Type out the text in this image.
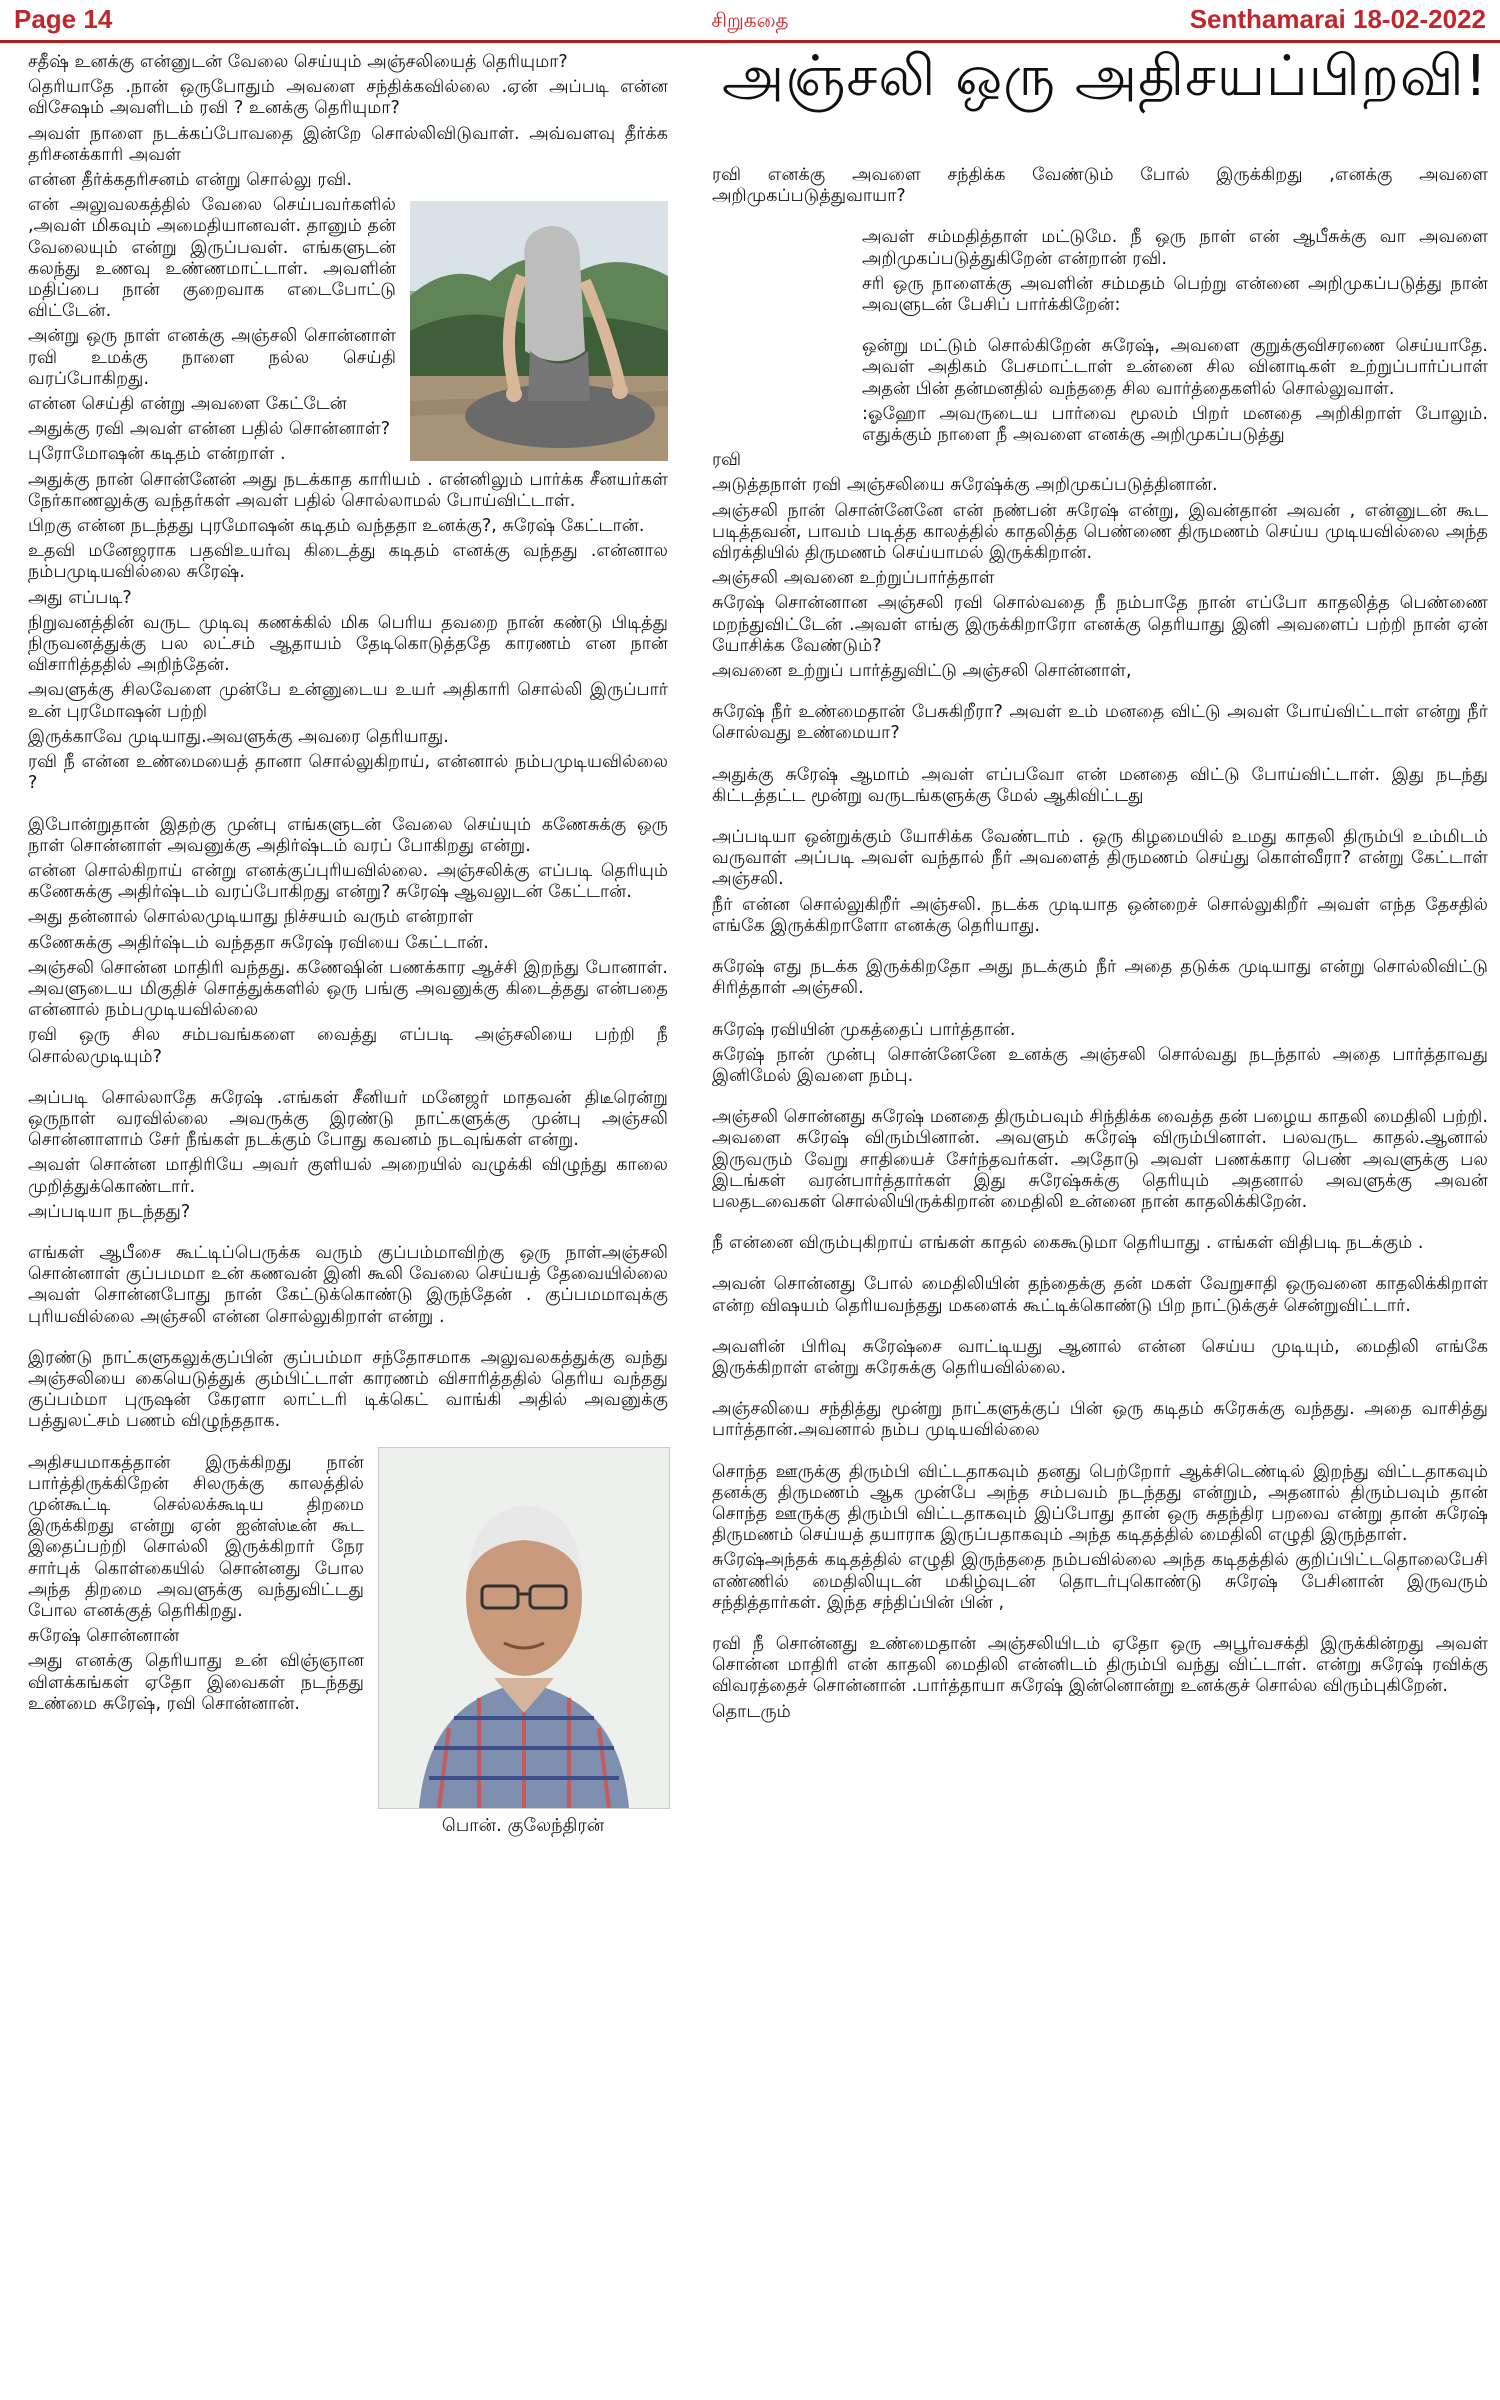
Page 14	சிறுகதை	Senthamarai 18-02-2022
அஞ்சலி ஒரு அதிசயப்பிறவி!

சதீஷ் உனக்கு என்னுடன் வேலை செய்யும் அஞ்சலியைத் தெரியுமா?

தெரியாதே .நான் ஒருபோதும் அவளை சந்திக்கவில்லை .ஏன் அப்படி என்ன விசேஷம் அவளிடம் ரவி ? உனக்கு தெரியுமா?

அவள் நாளை நடக்கப்போவதை இன்றே சொல்லிவிடுவாள். அவ்வளவு தீர்க்க தரிசனக்காரி அவள்

என்ன தீர்க்கதரிசனம் என்று சொல்லு ரவி.

என் அலுவலகத்தில் வேலை செய்பவர்களில் ,அவள் மிகவும் அமைதியானவள். தானும் தன் வேலையும் என்று இருப்பவள். எங்களுடன் கலந்து உணவு உண்ணமாட்டாள். அவளின் மதிப்பை நான் குறைவாக எடைபோட்டு விட்டேன்.

அன்று ஒரு நாள் எனக்கு அஞ்சலி சொன்னாள் ரவி உமக்கு நாளை நல்ல செய்தி வரப்போகிறது.

என்ன செய்தி என்று அவளை கேட்டேன்

அதுக்கு ரவி அவள் என்ன பதில் சொன்னாள்?

புரோமோஷன் கடிதம் என்றாள் .

அதுக்கு நான் சொன்னேன் அது நடக்காத காரியம் . என்னிலும் பார்க்க சீனயர்கள் நேர்காணலுக்கு வந்தர்கள் அவள் பதில் சொல்லாமல் போய்விட்டாள்.

பிறகு என்ன நடந்தது புரமோஷன் கடிதம் வந்ததா உனக்கு?, சுரேஷ் கேட்டான்.

உதவி மனேஜராக பதவிஉயர்வு கிடைத்து கடிதம் எனக்கு வந்தது .என்னால நம்பமுடியவில்லை சுரேஷ்.

அது எப்படி?

நிறுவனத்தின் வருட முடிவு கணக்கில் மிக பெரிய தவறை நான் கண்டு பிடித்து நிருவனத்துக்கு பல லட்சம் ஆதாயம் தேடிகொடுத்ததே காரணம் என நான் விசாரித்ததில் அறிந்தேன்.

அவளுக்கு சிலவேளை முன்பே உன்னுடைய உயர் அதிகாரி சொல்லி இருப்பார் உன் புரமோஷன் பற்றி

இருக்காவே முடியாது.அவளுக்கு அவரை தெரியாது.

ரவி நீ என்ன உண்மையைத் தானா சொல்லுகிறாய், என்னால் நம்பமுடியவில்லை ?

இபோன்றுதான் இதற்கு முன்பு எங்களுடன் வேலை செய்யும் கணேசுக்கு ஒரு நாள் சொன்னாள் அவனுக்கு அதிர்ஷ்டம் வரப் போகிறது என்று.

என்ன சொல்கிறாய் என்று எனக்குப்புரியவில்லை. அஞ்சலிக்கு எப்படி தெரியும் கணேசுக்கு அதிர்ஷ்டம் வரப்போகிறது என்று? சுரேஷ் ஆவலுடன் கேட்டான்.

அது தன்னால் சொல்லமுடியாது நிச்சயம் வரும் என்றாள்

கணேசுக்கு அதிர்ஷ்டம் வந்ததா சுரேஷ் ரவியை கேட்டான்.

அஞ்சலி சொன்ன மாதிரி வந்தது. கணேஷின் பணக்கார ஆச்சி இறந்து போனாள். அவளுடைய மிகுதிச் சொத்துக்களில் ஒரு பங்கு அவனுக்கு கிடைத்தது என்பதை என்னால் நம்பமுடியவில்லை

ரவி ஒரு சில சம்பவங்களை வைத்து எப்படி அஞ்சலியை பற்றி நீ சொல்லமுடியும்?

அப்படி சொல்லாதே சுரேஷ் .எங்கள் சீனியர் மனேஜர் மாதவன் திடீரென்று ஒருநாள் வரவில்லை அவருக்கு இரண்டு நாட்களுக்கு முன்பு அஞ்சலி சொன்னாளாம் சேர் நீங்கள் நடக்கும் போது கவனம் நடவுங்கள் என்று.

அவள் சொன்ன மாதிரியே அவர் குளியல் அறையில் வழுக்கி விழுந்து காலை முறித்துக்கொண்டார்.

அப்படியா நடந்தது?

எங்கள் ஆபீசை கூட்டிப்பெருக்க வரும் குப்பம்மாவிற்கு ஒரு நாள்அஞ்சலி சொன்னாள் குப்பமமா உன் கணவன் இனி கூலி வேலை செய்யத் தேவையில்லை அவள் சொன்னபோது நான் கேட்டுக்கொண்டு இருந்தேன் . குப்பமமாவுக்கு புரியவில்லை அஞ்சலி என்ன சொல்லுகிறாள் என்று .

இரண்டு நாட்களுகலுக்குப்பின் குப்பம்மா சந்தோசமாக அலுவலகத்துக்கு வந்து அஞ்சலியை கையெடுத்துக் கும்பிட்டாள் காரணம் விசாரித்ததில் தெரிய வந்தது குப்பம்மா புருஷன் கேரளா லாட்டரி டிக்கெட் வாங்கி அதில் அவனுக்கு பத்துலட்சம் பணம் விழுந்ததாக.

பொன். குலேந்திரன்

அதிசயமாகத்தான் இருக்கிறது நான் பார்த்திருக்கிறேன் சிலருக்கு காலத்தில் முன்கூட்டி செல்லக்கூடிய திறமை இருக்கிறது என்று ஏன் ஐன்ஸ்டீன் கூட இதைப்பற்றி சொல்லி இருக்கிறார் நேர சார்புக் கொள்கையில் சொன்னது போல அந்த திறமை அவளுக்கு வந்துவிட்டது போல எனக்குத் தெரிகிறது.

சுரேஷ் சொன்னான்

அது எனக்கு தெரியாது உன் விஞ்ஞான விளக்கங்கள் ஏதோ இவைகள் நடந்தது உண்மை சுரேஷ், ரவி சொன்னான்.

ரவி எனக்கு அவளை சந்திக்க வேண்டும் போல் இருக்கிறது ,எனக்கு அவளை அறிமுகப்படுத்துவாயா?

அவள் சம்மதித்தாள் மட்டுமே. நீ ஒரு நாள் என் ஆபீசுக்கு வா அவளை அறிமுகப்படுத்துகிறேன் என்றான் ரவி.

சரி ஒரு நாளைக்கு அவளின் சம்மதம் பெற்று என்னை அறிமுகப்படுத்து நான் அவளுடன் பேசிப் பார்க்கிறேன்:

ஒன்று மட்டும் சொல்கிறேன் சுரேஷ், அவளை குறுக்குவிசரணை செய்யாதே. அவள் அதிகம் பேசமாட்டாள் உன்னை சில வினாடிகள் உற்றுப்பார்ப்பாள் அதன் பின் தன்மனதில் வந்ததை சில வார்த்தைகளில் சொல்லுவாள்.

:ஓஹோ அவருடைய பார்வை மூலம் பிறர் மனதை அறிகிறாள் போலும். எதுக்கும் நாளை நீ அவளை எனக்கு அறிமுகப்படுத்து

ரவி

அடுத்தநாள் ரவி அஞ்சலியை சுரேஷ்க்கு அறிமுகப்படுத்தினான்.

அஞ்சலி நான் சொன்னேனே என் நண்பன் சுரேஷ் என்று, இவன்தான் அவன் , என்னுடன் கூட படித்தவன், பாவம் படித்த காலத்தில் காதலித்த பெண்ணை திருமணம் செய்ய முடியவில்லை அந்த விரக்தியில் திருமணம் செய்யாமல் இருக்கிறான்.

அஞ்சலி அவனை உற்றுப்பார்த்தாள்

சுரேஷ் சொன்னான அஞ்சலி ரவி சொல்வதை நீ நம்பாதே நான் எப்போ காதலித்த பெண்ணை மறந்துவிட்டேன் .அவள் எங்கு இருக்கிறாரோ எனக்கு தெரியாது இனி அவளைப் பற்றி நான் ஏன் யோசிக்க வேண்டும்?

அவனை உற்றுப் பார்த்துவிட்டு அஞ்சலி சொன்னாள்,

சுரேஷ் நீர் உண்மைதான் பேசுகிறீரா? அவள் உம் மனதை விட்டு அவள் போய்விட்டாள் என்று நீர் சொல்வது உண்மையா?

அதுக்கு சுரேஷ் ஆமாம் அவள் எப்பவோ என் மனதை விட்டு போய்விட்டாள். இது நடந்து கிட்டத்தட்ட மூன்று வருடங்களுக்கு மேல் ஆகிவிட்டது

அப்படியா ஒன்றுக்கும் யோசிக்க வேண்டாம் . ஒரு கிழமையில் உமது காதலி திரும்பி உம்மிடம் வருவாள் அப்படி அவள் வந்தால் நீர் அவளைத் திருமணம் செய்து கொள்வீரா? என்று கேட்டாள் அஞ்சலி.

நீர் என்ன சொல்லுகிறீர் அஞ்சலி. நடக்க முடியாத ஒன்றைச் சொல்லுகிறீர் அவள் எந்த தேசதில் எங்கே இருக்கிறாளோ எனக்கு தெரியாது.

சுரேஷ் எது நடக்க இருக்கிறதோ அது நடக்கும் நீர் அதை தடுக்க முடியாது என்று சொல்லிவிட்டு சிரித்தாள் அஞ்சலி.

சுரேஷ் ரவியின் முகத்தைப் பார்த்தான்.

சுரேஷ் நான் முன்பு சொன்னேனே உனக்கு அஞ்சலி சொல்வது நடந்தால் அதை பார்த்தாவது இனிமேல் இவளை நம்பு.

அஞ்சலி சொன்னது சுரேஷ் மனதை திரும்பவும் சிந்திக்க வைத்த தன் பழைய காதலி மைதிலி பற்றி. அவளை சுரேஷ் விரும்பினான். அவளும் சுரேஷ் விரும்பினாள். பலவருட காதல்.ஆனால் இருவரும் வேறு சாதியைச் சேர்ந்தவர்கள். அதோடு அவள் பணக்கார பெண் அவளுக்கு பல இடங்கள் வரன்பார்த்தார்கள் இது சுரேஷ்சுக்கு தெரியும் அதனால் அவளுக்கு அவன் பலதடவைகள் சொல்லியிருக்கிறான் மைதிலி உன்னை நான் காதலிக்கிறேன்.

நீ என்னை விரும்புகிறாய் எங்கள் காதல் கைகூடுமா தெரியாது . எங்கள் விதிபடி நடக்கும் .

அவன் சொன்னது போல் மைதிலியின் தந்தைக்கு தன் மகள் வேறுசாதி ஒருவனை காதலிக்கிறாள் என்ற விஷயம் தெரியவந்தது மகளைக் கூட்டிக்கொண்டு பிற நாட்டுக்குச் சென்றுவிட்டார்.

அவளின் பிரிவு சுரேஷ்சை வாட்டியது ஆனால் என்ன செய்ய முடியும், மைதிலி எங்கே இருக்கிறாள் என்று சுரேசுக்கு தெரியவில்லை.

அஞ்சலியை சந்தித்து மூன்று நாட்களுக்குப் பின் ஒரு கடிதம் சுரேசுக்கு வந்தது. அதை வாசித்து பார்த்தான்.அவனால் நம்ப முடியவில்லை

சொந்த ஊருக்கு திரும்பி விட்டதாகவும் தனது பெற்றோர் ஆக்சிடெண்டில் இறந்து விட்டதாகவும் தனக்கு திருமணம் ஆக முன்பே அந்த சம்பவம் நடந்தது என்றும், அதனால் திரும்பவும் தான் சொந்த ஊருக்கு திரும்பி விட்டதாகவும் இப்போது தான் ஒரு சுதந்திர பறவை என்று தான் சுரேஷ் திருமணம் செய்யத் தயாராக இருப்பதாகவும் அந்த கடிதத்தில் மைதிலி எழுதி இருந்தாள்.

சுரேஷ்அந்தக் கடிதத்தில் எழுதி இருந்ததை நம்பவில்லை அந்த கடிதத்தில் குறிப்பிட்டதொலைபேசி எண்ணில் மைதிலியுடன் மகிழ்வுடன் தொடர்புகொண்டு சுரேஷ் பேசினான் இருவரும் சந்தித்தார்கள். இந்த சந்திப்பின் பின் ,

ரவி நீ சொன்னது உண்மைதான் அஞ்சலியிடம் ஏதோ ஒரு அபூர்வசக்தி இருக்கின்றது அவள் சொன்ன மாதிரி என் காதலி மைதிலி என்னிடம் திரும்பி வந்து விட்டாள். என்று சுரேஷ் ரவிக்கு விவரத்தைச் சொன்னான் .பார்த்தாயா சுரேஷ் இன்னொன்று உனக்குச் சொல்ல விரும்புகிறேன்.

தொடரும்
